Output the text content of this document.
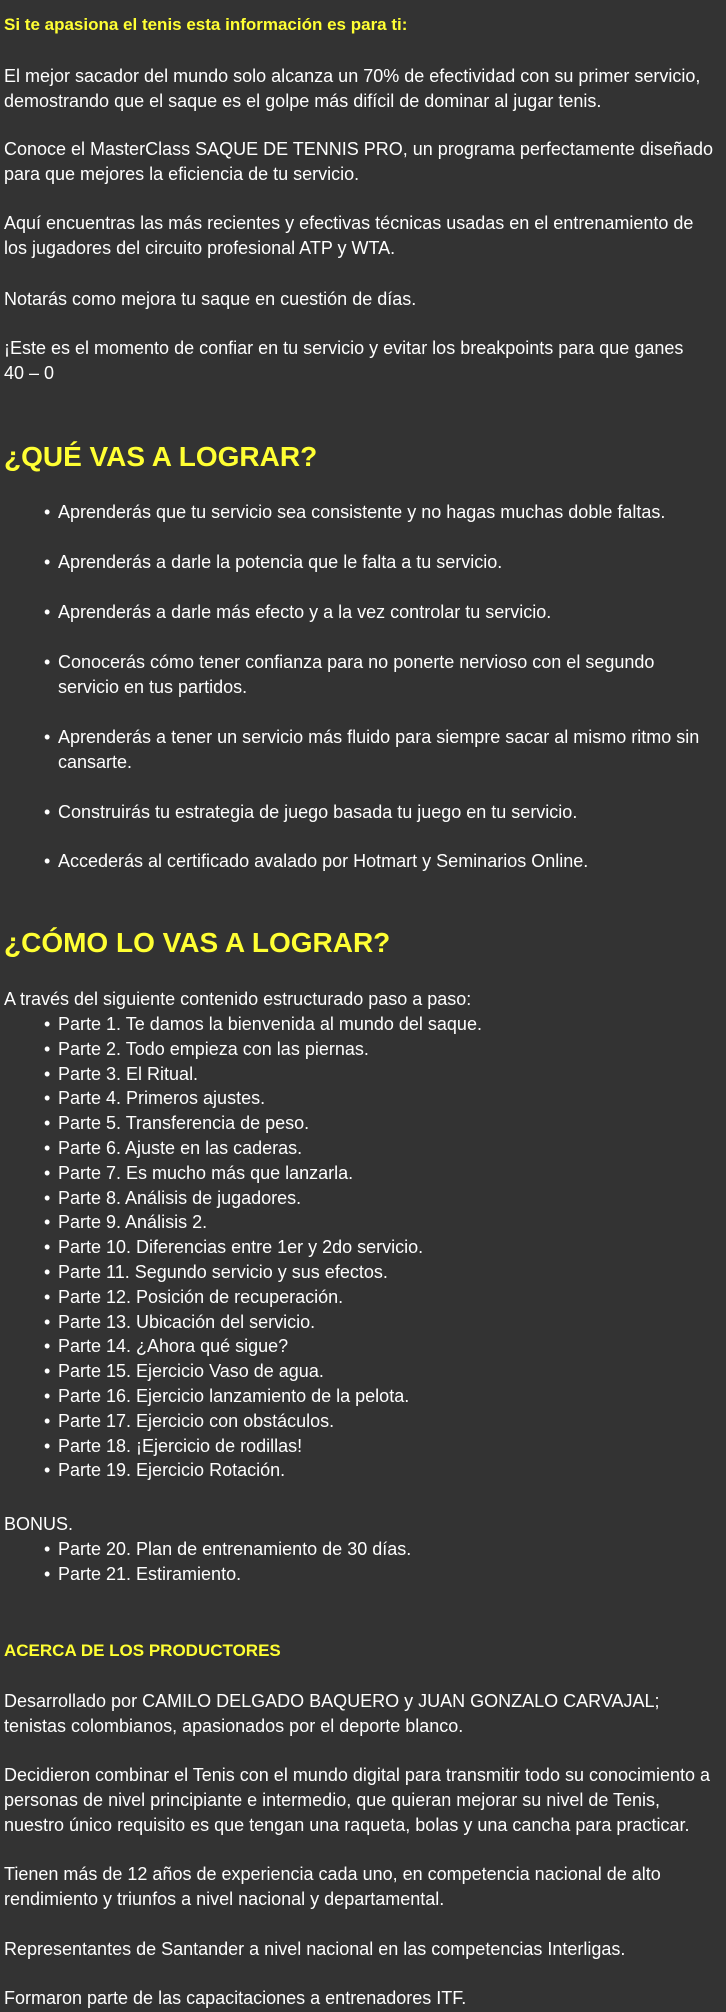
Si te apasiona el tenis esta información es para ti:
El mejor sacador del mundo solo alcanza un 70% de efectividad con su primer servicio,
demostrando que el saque es el golpe más difícil de dominar al jugar tenis.
Conoce el MasterClass SAQUE DE TENNIS PRO, un programa perfectamente diseñado
para que mejores la eficiencia de tu servicio.
Aquí encuentras las más recientes y efectivas técnicas usadas en el entrenamiento de
los jugadores del circuito profesional ATP y WTA.
Notarás como mejora tu saque en cuestión de días.
¡Este es el momento de confiar en tu servicio y evitar los breakpoints para que ganes
40 – 0
¿QUÉ VAS A LOGRAR?
• Aprenderás que tu servicio sea consistente y no hagas muchas doble faltas.
• Aprenderás a darle la potencia que le falta a tu servicio.
• Aprenderás a darle más efecto y a la vez controlar tu servicio.
• Conocerás cómo tener confianza para no ponerte nervioso con el segundo
servicio en tus partidos.
• Aprenderás a tener un servicio más fluido para siempre sacar al mismo ritmo sin
cansarte.
• Construirás tu estrategia de juego basada tu juego en tu servicio.
• Accederás al certificado avalado por Hotmart y Seminarios Online.
¿CÓMO LO VAS A LOGRAR?
A través del siguiente contenido estructurado paso a paso:
• Parte 1. Te damos la bienvenida al mundo del saque.
• Parte 2. Todo empieza con las piernas.
• Parte 3. El Ritual.
• Parte 4. Primeros ajustes.
• Parte 5. Transferencia de peso.
• Parte 6. Ajuste en las caderas.
• Parte 7. Es mucho más que lanzarla.
• Parte 8. Análisis de jugadores.
• Parte 9. Análisis 2.
• Parte 10. Diferencias entre 1er y 2do servicio.
• Parte 11. Segundo servicio y sus efectos.
• Parte 12. Posición de recuperación.
• Parte 13. Ubicación del servicio.
• Parte 14. ¿Ahora qué sigue?
• Parte 15. Ejercicio Vaso de agua.
• Parte 16. Ejercicio lanzamiento de la pelota.
• Parte 17. Ejercicio con obstáculos.
• Parte 18. ¡Ejercicio de rodillas!
• Parte 19. Ejercicio Rotación.
BONUS.
• Parte 20. Plan de entrenamiento de 30 días.
• Parte 21. Estiramiento.
ACERCA DE LOS PRODUCTORES
Desarrollado por CAMILO DELGADO BAQUERO y JUAN GONZALO CARVAJAL;
tenistas colombianos, apasionados por el deporte blanco.
Decidieron combinar el Tenis con el mundo digital para transmitir todo su conocimiento a
personas de nivel principiante e intermedio, que quieran mejorar su nivel de Tenis,
nuestro único requisito es que tengan una raqueta, bolas y una cancha para practicar.
Tienen más de 12 años de experiencia cada uno, en competencia nacional de alto
rendimiento y triunfos a nivel nacional y departamental.
Representantes de Santander a nivel nacional en las competencias Interligas.
Formaron parte de las capacitaciones a entrenadores ITF.
